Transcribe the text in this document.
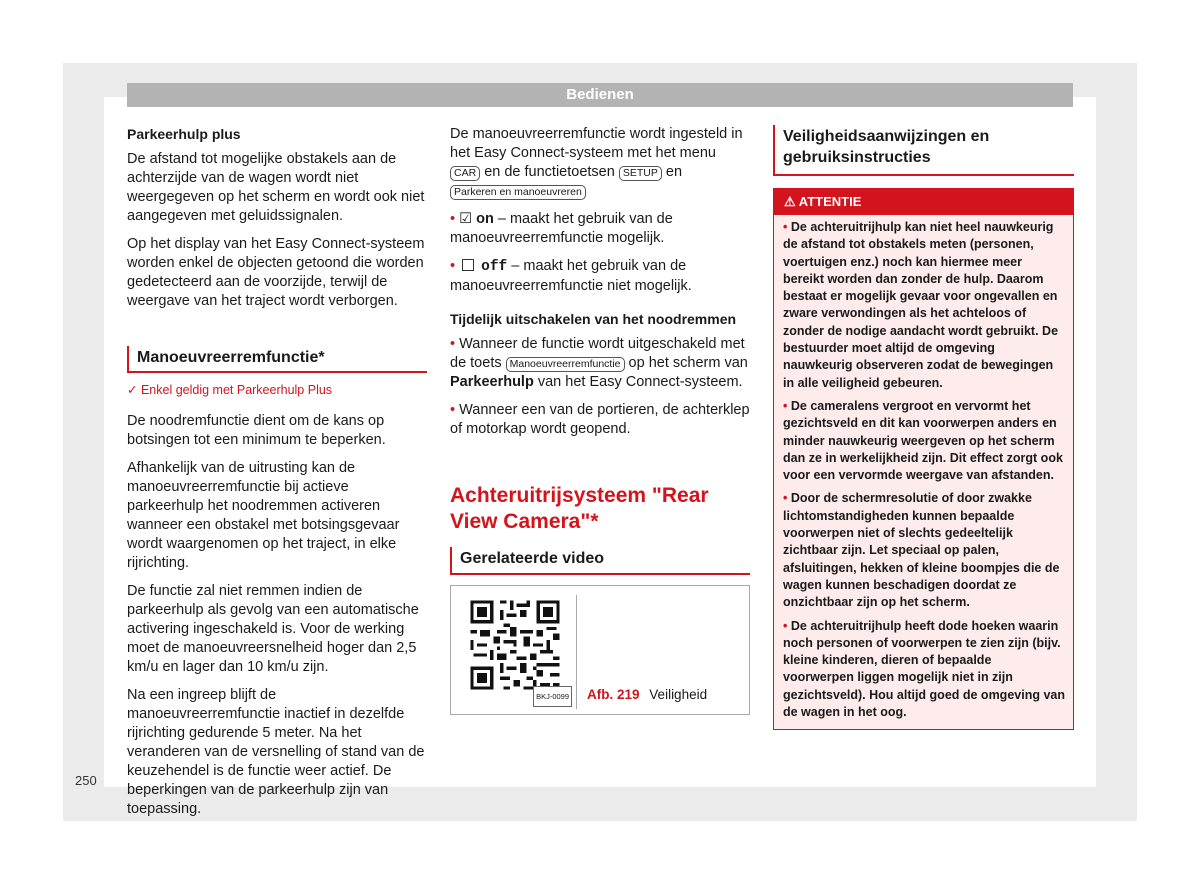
Bedienen
Parkeerhulp plus

De afstand tot mogelijke obstakels aan de achterzijde van de wagen wordt niet weergegeven op het scherm en wordt ook niet aangegeven met geluidssignalen.

Op het display van het Easy Connect-systeem worden enkel de objecten getoond die worden gedetecteerd aan de voorzijde, terwijl de weergave van het traject wordt verborgen.

Manoeuvreerremfunctie*
✓ Enkel geldig met Parkeerhulp Plus

De noodremfunctie dient om de kans op botsingen tot een minimum te beperken.

Afhankelijk van de uitrusting kan de manoeuvreerremfunctie bij actieve parkeerhulp het noodremmen activeren wanneer een obstakel met botsingsgevaar wordt waargenomen op het traject, in elke rijrichting.

De functie zal niet remmen indien de parkeerhulp als gevolg van een automatische activering ingeschakeld is. Voor de werking moet de manoeuvreersnelheid hoger dan 2,5 km/u en lager dan 10 km/u zijn.

Na een ingreep blijft de manoeuvreerremfunctie inactief in dezelfde rijrichting gedurende 5 meter. Na het veranderen van de versnelling of stand van de keuzehendel is de functie weer actief. De beperkingen van de parkeerhulp zijn van toepassing.

De manoeuvreerremfunctie wordt ingesteld in het Easy Connect-systeem met het menu CAR en de functietoetsen SETUP en Parkeren en manoeuvreren

• ☑ on – maakt het gebruik van de manoeuvreerremfunctie mogelijk.

• off – maakt het gebruik van de manoeuvreerremfunctie niet mogelijk.

Tijdelijk uitschakelen van het noodremmen

• Wanneer de functie wordt uitgeschakeld met de toets Manoeuvreerremfunctie op het scherm van Parkeerhulp van het Easy Connect-systeem.

• Wanneer een van de portieren, de achterklep of motorkap wordt geopend.

Achteruitrijsysteem "Rear View Camera"*
Gerelateerde video
BKJ-0099 Afb. 219 Veiligheid
Veiligheidsaanwijzingen en gebruiksinstructies
⚠ ATTENTIE

• De achteruitrijhulp kan niet heel nauwkeurig de afstand tot obstakels meten (personen, voertuigen enz.) noch kan hiermee meer bereikt worden dan zonder de hulp. Daarom bestaat er mogelijk gevaar voor ongevallen en zware verwondingen als het achteloos of zonder de nodige aandacht wordt gebruikt. De bestuurder moet altijd de omgeving nauwkeurig observeren zodat de bewegingen in alle veiligheid gebeuren.

• De cameralens vergroot en vervormt het gezichtsveld en dit kan voorwerpen anders en minder nauwkeurig weergeven op het scherm dan ze in werkelijkheid zijn. Dit effect zorgt ook voor een vervormde weergave van afstanden.

• Door de schermresolutie of door zwakke lichtomstandigheden kunnen bepaalde voorwerpen niet of slechts gedeeltelijk zichtbaar zijn. Let speciaal op palen, afsluitingen, hekken of kleine boompjes die de wagen kunnen beschadigen doordat ze onzichtbaar zijn op het scherm.

• De achteruitrijhulp heeft dode hoeken waarin noch personen of voorwerpen te zien zijn (bijv. kleine kinderen, dieren of bepaalde voorwerpen liggen mogelijk niet in zijn gezichtsveld). Hou altijd goed de omgeving van de wagen in het oog.

250
